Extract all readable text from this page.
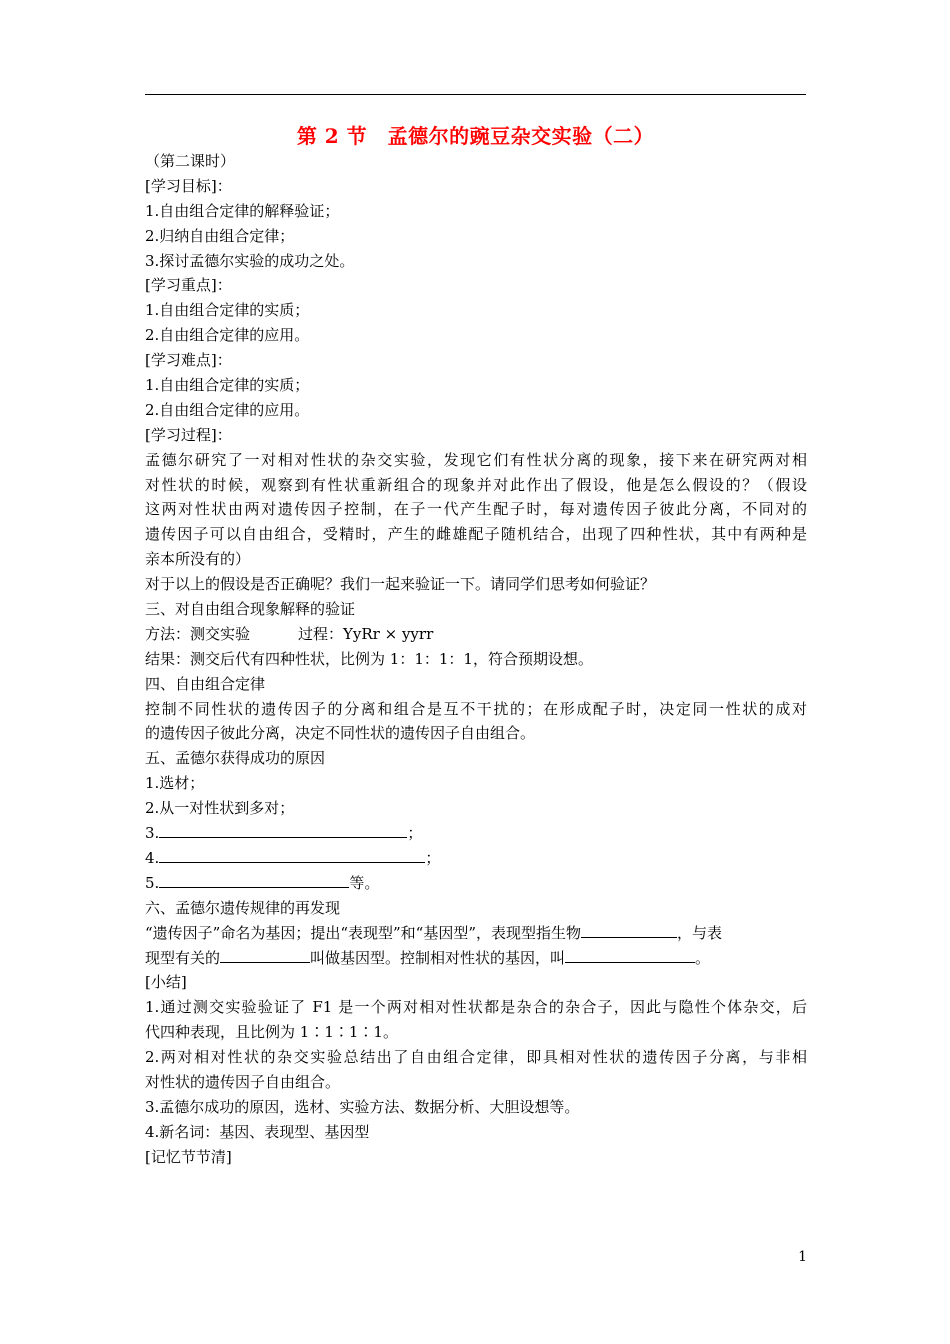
第 2 节　孟德尔的豌豆杂交实验（二）
（第二课时）
[学习目标]：
1.自由组合定律的解释验证；
2.归纳自由组合定律；
3.探讨孟德尔实验的成功之处。
[学习重点]：
1.自由组合定律的实质；
2.自由组合定律的应用。
[学习难点]：
1.自由组合定律的实质；
2.自由组合定律的应用。
[学习过程]：
孟德尔研究了一对相对性状的杂交实验，发现它们有性状分离的现象，接下来在研究两对相
对性状的时候，观察到有性状重新组合的现象并对此作出了假设，他是怎么假设的？（假设
这两对性状由两对遗传因子控制，在子一代产生配子时，每对遗传因子彼此分离，不同对的
遗传因子可以自由组合，受精时，产生的雌雄配子随机结合，出现了四种性状，其中有两种是
亲本所没有的）
对于以上的假设是否正确呢？我们一起来验证一下。请同学们思考如何验证？
三、对自由组合现象解释的验证
方法：测交实验	过程：YyRr × yyrr
结果：测交后代有四种性状，比例为 1：1：1：1，符合预期设想。
四、自由组合定律
控制不同性状的遗传因子的分离和组合是互不干扰的；在形成配子时，决定同一性状的成对
的遗传因子彼此分离，决定不同性状的遗传因子自由组合。
五、孟德尔获得成功的原因
1.选材；
2.从一对性状到多对；
3.	；
4.	；
5.	等。
六、孟德尔遗传规律的再发现
“遗传因子”命名为基因；提出“表现型”和“基因型”，表现型指生物	，与表
现型有关的	叫做基因型。控制相对性状的基因，叫	。
[小结]
1.通过测交实验验证了 F1 是一个两对相对性状都是杂合的杂合子，因此与隐性个体杂交，后
代四种表现，且比例为 1∶1∶1∶1。
2.两对相对性状的杂交实验总结出了自由组合定律，即具相对性状的遗传因子分离，与非相
对性状的遗传因子自由组合。
3.孟德尔成功的原因，选材、实验方法、数据分析、大胆设想等。
4.新名词：基因、表现型、基因型
[记忆节节清]
1
